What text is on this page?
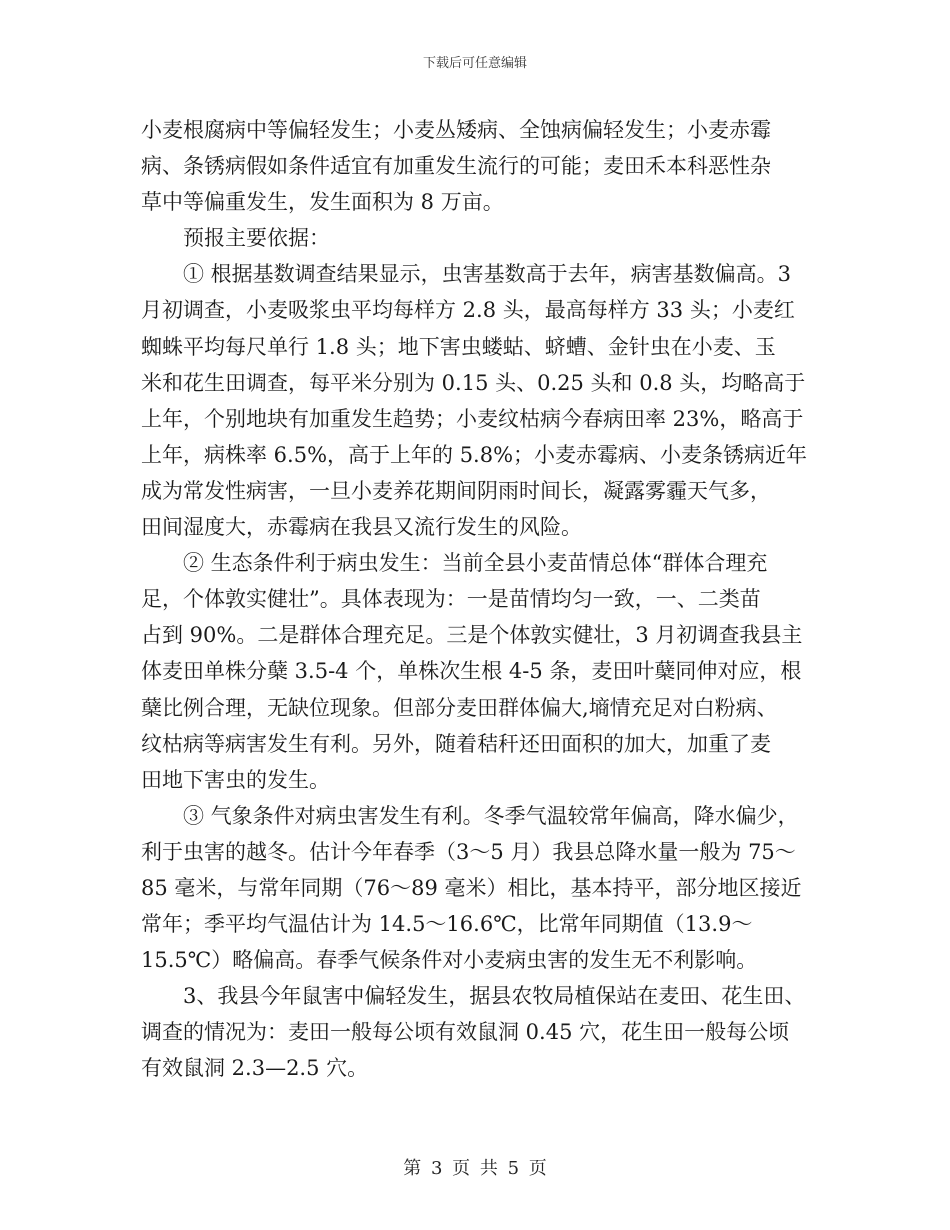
下载后可任意编辑
小麦根腐病中等偏轻发生；小麦丛矮病、全蚀病偏轻发生；小麦赤霉
病、条锈病假如条件适宜有加重发生流行的可能；麦田禾本科恶性杂
草中等偏重发生，发生面积为 8 万亩。
预报主要依据：
① 根据基数调查结果显示，虫害基数高于去年，病害基数偏高。3
月初调查，小麦吸浆虫平均每样方 2.8 头，最高每样方 33 头；小麦红
蜘蛛平均每尺单行 1.8 头；地下害虫蝼蛄、蛴螬、金针虫在小麦、玉
米和花生田调查，每平米分别为 0.15 头、0.25 头和 0.8 头，均略高于
上年，个别地块有加重发生趋势；小麦纹枯病今春病田率 23%，略高于
上年，病株率 6.5%，高于上年的 5.8%；小麦赤霉病、小麦条锈病近年
成为常发性病害，一旦小麦养花期间阴雨时间长，凝露雾霾天气多，
田间湿度大，赤霉病在我县又流行发生的风险。
② 生态条件利于病虫发生：当前全县小麦苗情总体“群体合理充
足，个体敦实健壮”。具体表现为：一是苗情均匀一致，一、二类苗
占到 90%。二是群体合理充足。三是个体敦实健壮，3 月初调查我县主
体麦田单株分蘖 3.5-4 个，单株次生根 4-5 条，麦田叶蘖同伸对应，根
蘖比例合理，无缺位现象。但部分麦田群体偏大,墒情充足对白粉病、
纹枯病等病害发生有利。另外，随着秸秆还田面积的加大，加重了麦
田地下害虫的发生。
③ 气象条件对病虫害发生有利。冬季气温较常年偏高，降水偏少，
利于虫害的越冬。估计今年春季（3～5 月）我县总降水量一般为 75～
85 毫米，与常年同期（76～89 毫米）相比，基本持平，部分地区接近
常年；季平均气温估计为 14.5～16.6℃，比常年同期值（13.9～
15.5℃）略偏高。春季气候条件对小麦病虫害的发生无不利影响。
3、我县今年鼠害中偏轻发生，据县农牧局植保站在麦田、花生田、
调查的情况为：麦田一般每公顷有效鼠洞 0.45 穴，花生田一般每公顷
有效鼠洞 2.3—2.5 穴。
第 3 页 共 5 页
